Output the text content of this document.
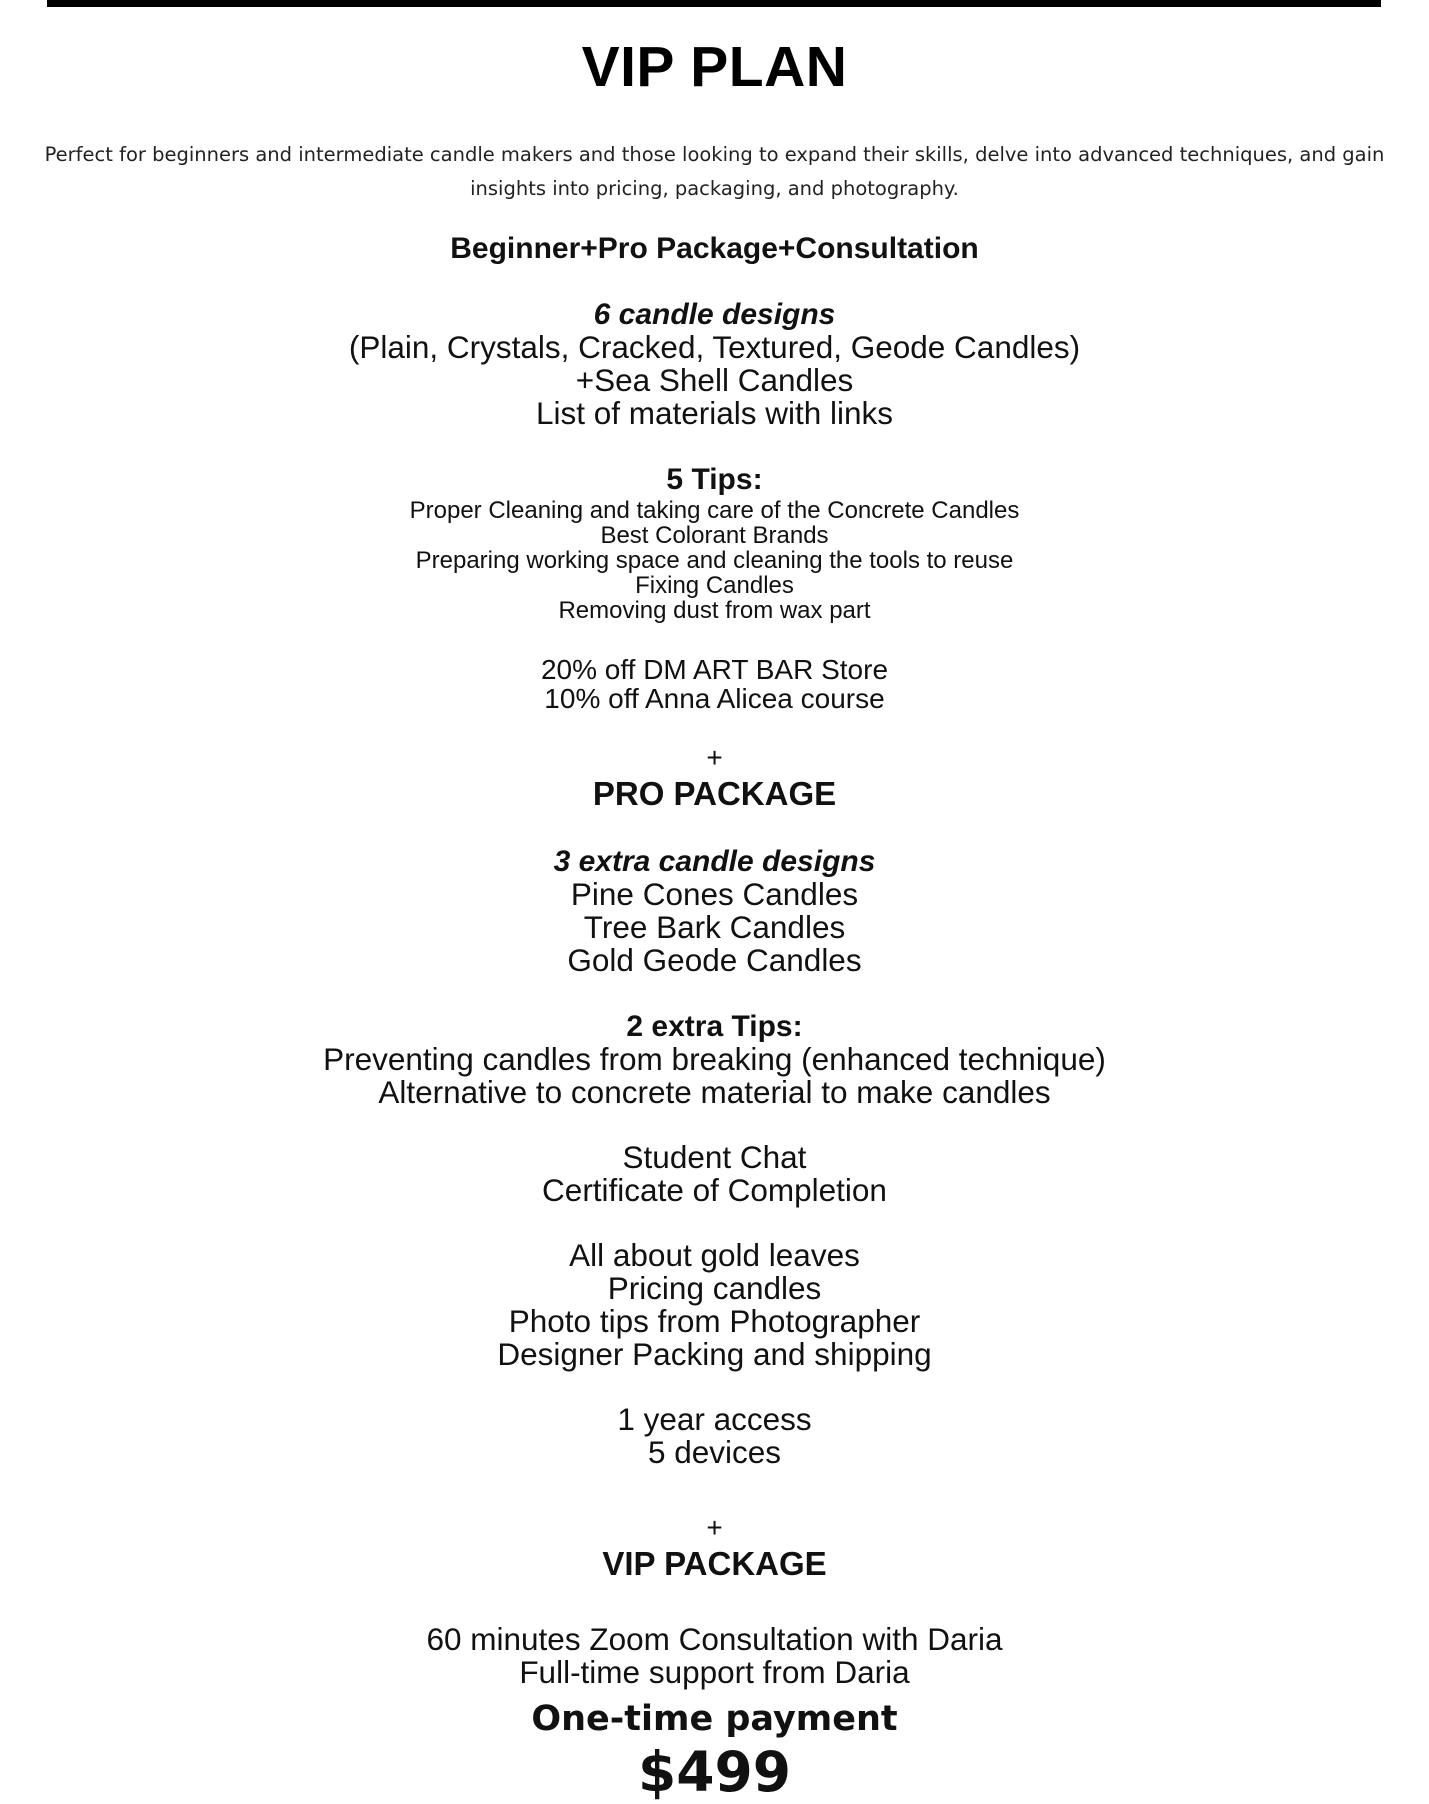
VIP PLAN
Perfect for beginners and intermediate candle makers and those looking to expand their skills, delve into advanced techniques, and gain insights into pricing, packaging, and photography.
Beginner+Pro Package+Consultation
6 candle designs
(Plain, Crystals, Cracked, Textured, Geode Candles)
+Sea Shell Candles
List of materials with links
5 Tips:
Proper Cleaning and taking care of the Concrete Candles
Best Colorant Brands
Preparing working space and cleaning the tools to reuse
Fixing Candles
Removing dust from wax part
20% off DM ART BAR Store
10% off Anna Alicea course
+
PRO PACKAGE
3 extra candle designs
Pine Cones Candles
Tree Bark Candles
Gold Geode Candles
2 extra Tips:
Preventing candles from breaking (enhanced technique)
Alternative to concrete material to make candles
Student Chat
Certificate of Completion
All about gold leaves
Pricing candles
Photo tips from Photographer
Designer Packing and shipping
1 year access
5 devices
+
VIP PACKAGE
60 minutes Zoom Consultation with Daria
Full-time support from Daria
One-time payment
$499
